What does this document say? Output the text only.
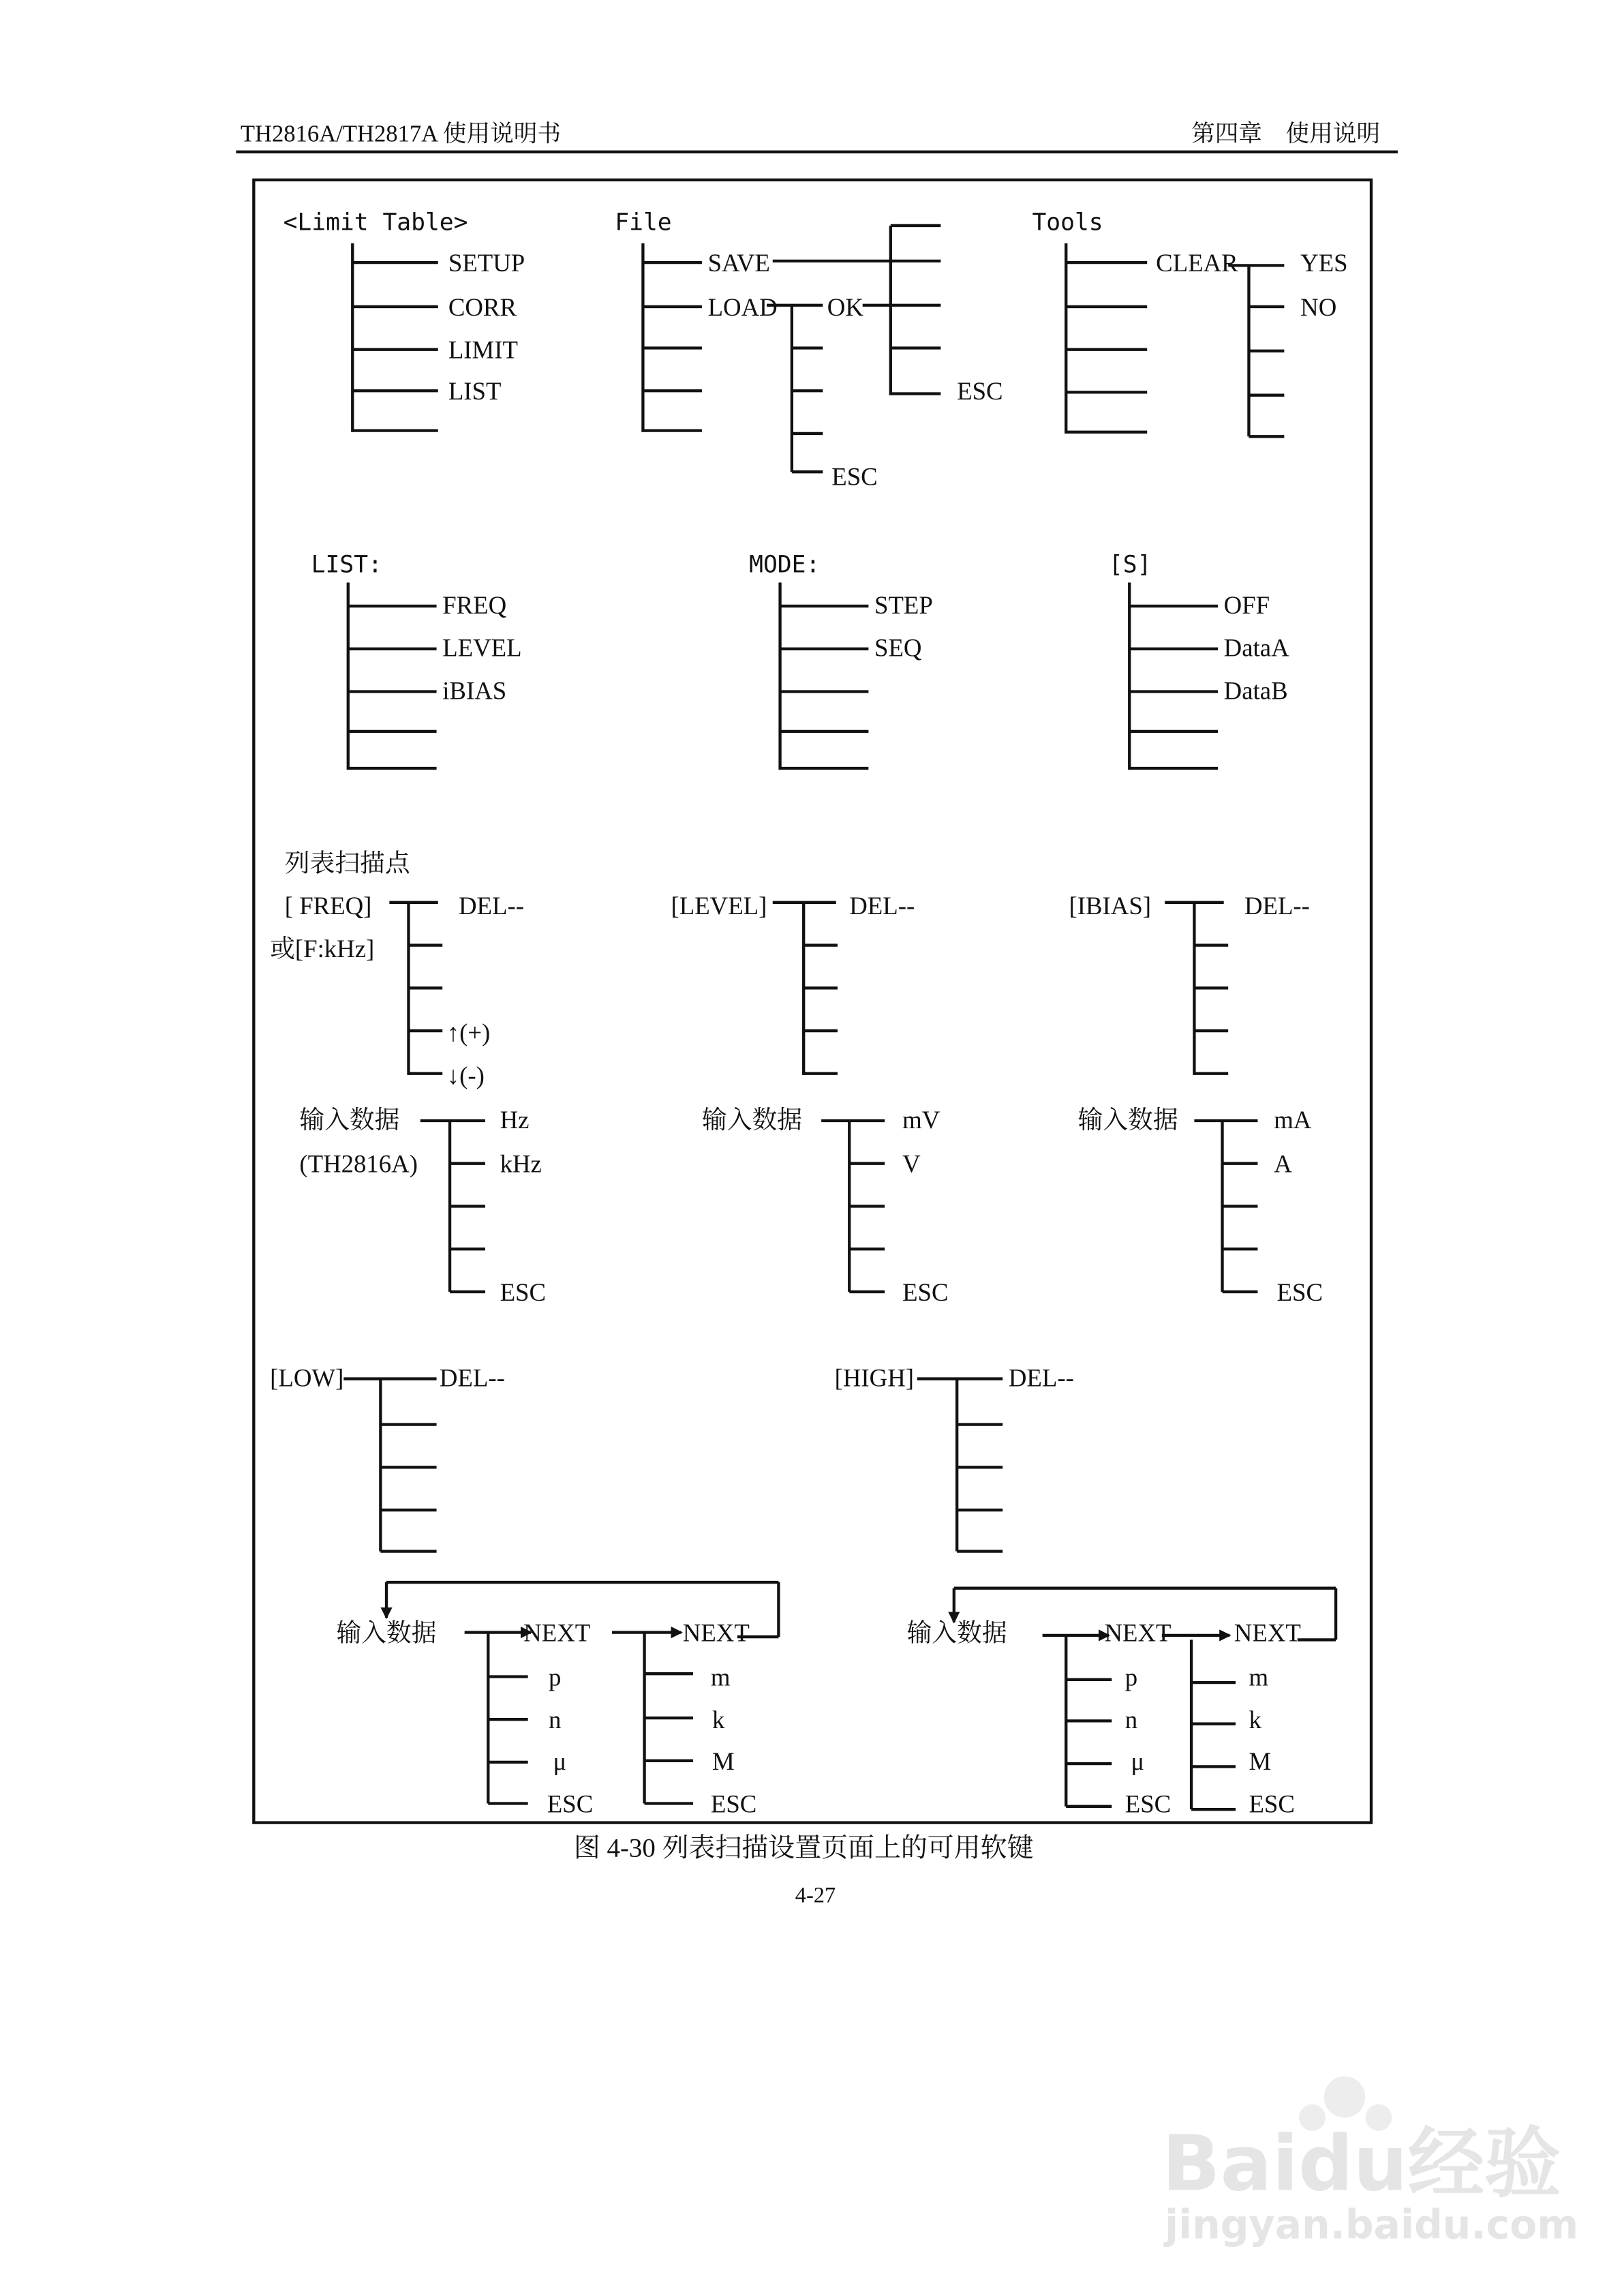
TH2816A/TH2817A 使用说明书	第四章　使用说明
<Limit Table>
SETUP
CORR
LIMIT
LIST
File
SAVE
LOAD	OK
ESC
ESC
Tools
CLEAR	YES
NO
LIST:
FREQ
LEVEL
iBIAS
MODE:
STEP
SEQ
[S]
OFF
DataA
DataB
列表扫描点
[ FREQ]
或[F:kHz]
DEL--
↑(+)
↓(-)
[LEVEL]	DEL--	[IBIAS]	DEL--
输入数据
(TH2816A)
Hz
kHz
ESC
输入数据	mV
V
ESC
输入数据	mA
A
ESC
[LOW]	DEL--	[HIGH]	DEL--
输入数据	NEXT	NEXT
p
n
μ
ESC
m
k
M
ESC
输入数据	NEXT	NEXT
p
n
μ
ESC
m
k
M
ESC
图 4-30 列表扫描设置页面上的可用软键
4-27
Baidu经验
jingyan.baidu.com
